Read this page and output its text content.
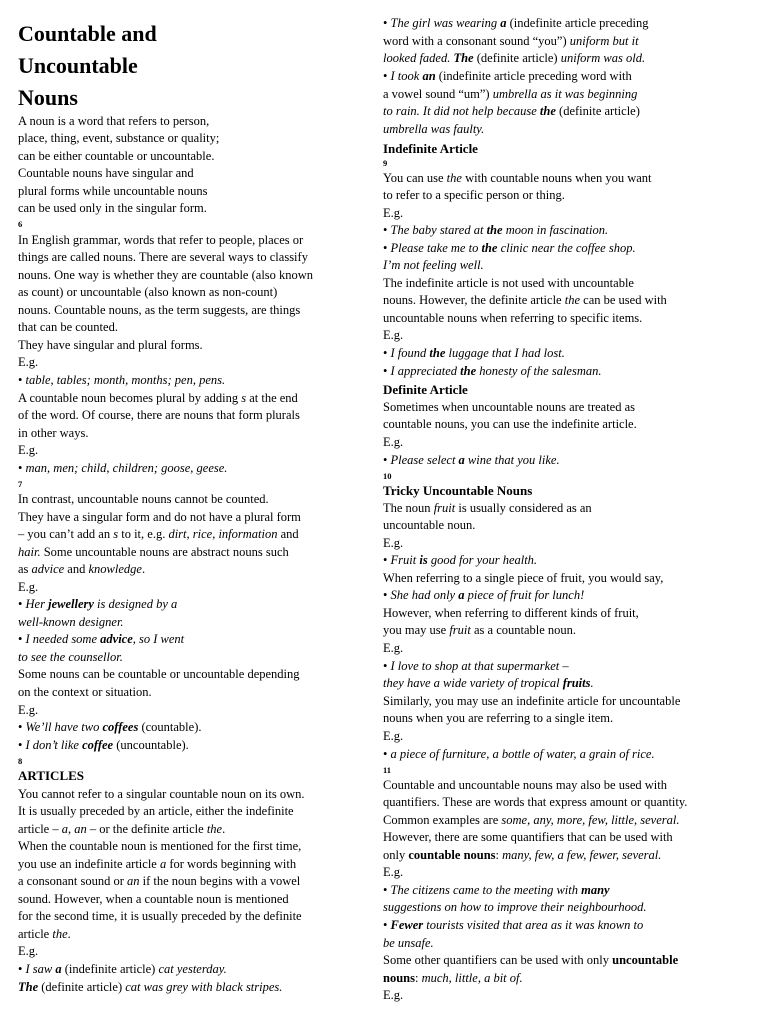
Countable and
Uncountable
Nouns
A noun is a word that refers to person,
place, thing, event, substance or quality;
can be either countable or uncountable.
Countable nouns have singular and
plural forms while uncountable nouns
can be used only in the singular form.
6
In English grammar, words that refer to people, places or
things are called nouns. There are several ways to classify
nouns. One way is whether they are countable (also known
as count) or uncountable (also known as non-count)
nouns. Countable nouns, as the term suggests, are things
that can be counted.
They have singular and plural forms.
E.g.
• table, tables; month, months; pen, pens.
A countable noun becomes plural by adding s at the end
of the word. Of course, there are nouns that form plurals
in other ways.
E.g.
• man, men; child, children; goose, geese.
7
In contrast, uncountable nouns cannot be counted.
They have a singular form and do not have a plural form
– you can’t add an s to it, e.g. dirt, rice, information and
hair. Some uncountable nouns are abstract nouns such
as advice and knowledge.
E.g.
• Her jewellery is designed by a
well-known designer.
• I needed some advice, so I went
to see the counsellor.
Some nouns can be countable or uncountable depending
on the context or situation.
E.g.
• We’ll have two coffees (countable).
• I don’t like coffee (uncountable).
8
ARTICLES
You cannot refer to a singular countable noun on its own.
It is usually preceded by an article, either the indefinite
article – a, an – or the definite article the.
When the countable noun is mentioned for the first time,
you use an indefinite article a for words beginning with
a consonant sound or an if the noun begins with a vowel
sound. However, when a countable noun is mentioned
for the second time, it is usually preceded by the definite
article the.
E.g.
• I saw a (indefinite article) cat yesterday.
The (definite article) cat was grey with black stripes.
• The girl was wearing a (indefinite article preceding
word with a consonant sound “you”) uniform but it
looked faded. The (definite article) uniform was old.
• I took an (indefinite article preceding word with
a vowel sound “um”) umbrella as it was beginning
to rain. It did not help because the (definite article)
umbrella was faulty.
Indefinite Article
9
You can use the with countable nouns when you want
to refer to a specific person or thing.
E.g.
• The baby stared at the moon in fascination.
• Please take me to the clinic near the coffee shop.
I’m not feeling well.
The indefinite article is not used with uncountable
nouns. However, the definite article the can be used with
uncountable nouns when referring to specific items.
E.g.
• I found the luggage that I had lost.
• I appreciated the honesty of the salesman.
Definite Article
Sometimes when uncountable nouns are treated as
countable nouns, you can use the indefinite article.
E.g.
• Please select a wine that you like.
10
Tricky Uncountable Nouns
The noun fruit is usually considered as an
uncountable noun.
E.g.
• Fruit is good for your health.
When referring to a single piece of fruit, you would say,
• She had only a piece of fruit for lunch!
However, when referring to different kinds of fruit,
you may use fruit as a countable noun.
E.g.
• I love to shop at that supermarket –
they have a wide variety of tropical fruits.
Similarly, you may use an indefinite article for uncountable
nouns when you are referring to a single item.
E.g.
• a piece of furniture, a bottle of water, a grain of rice.
11
Countable and uncountable nouns may also be used with
quantifiers. These are words that express amount or quantity.
Common examples are some, any, more, few, little, several.
However, there are some quantifiers that can be used with
only countable nouns: many, few, a few, fewer, several.
E.g.
• The citizens came to the meeting with many
suggestions on how to improve their neighbourhood.
• Fewer tourists visited that area as it was known to
be unsafe.
Some other quantifiers can be used with only uncountable
nouns: much, little, a bit of.
E.g.
